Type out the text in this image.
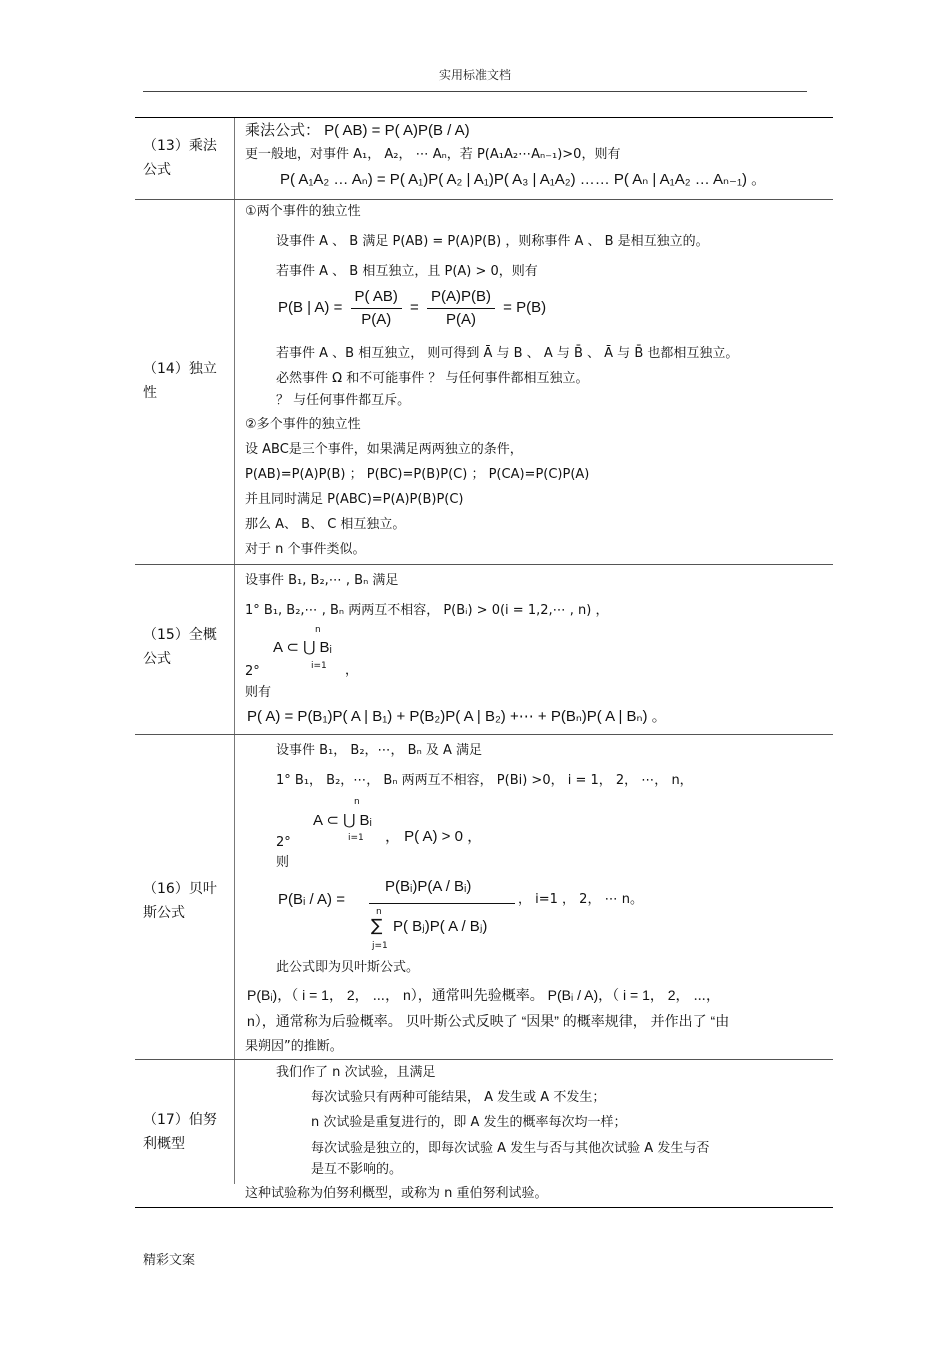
实用标准文档
（13）乘法公式
乘法公式： P( AB) = P( A)P(B / A)
更一般地，对事件 A₁， A₂， ⋯ Aₙ，若 P(A₁A₂⋯Aₙ₋₁)>0，则有
P( A₁A₂ … Aₙ) = P( A₁)P( A₂ | A₁)P( A₃ | A₁A₂) …… P( Aₙ | A₁A₂ … Aₙ₋₁) 。
（14）独立性
①两个事件的独立性
设事件 A 、 B 满足 P(AB) = P(A)P(B) ，则称事件 A 、 B 是相互独立的。
若事件 A 、 B 相互独立，且 P(A) > 0，则有
P(B | $A) = \frac{P( AB)}{P(A)} = \frac{P(A)P(B)}{P(A)} = P(B)$
若事件 A 、B 相互独立， 则可得到 Ā 与 B 、 A 与 B̄ 、 Ā 与 B̄ 也都相互独立。
必然事件 Ω 和不可能事件 ？ 与任何事件都相互独立。
？ 与任何事件都互斥。
②多个事件的独立性
设 ABC是三个事件，如果满足两两独立的条件，
P(AB)=P(A)P(B) ； P(BC)=P(B)P(C) ； P(CA)=P(C)P(A)
并且同时满足 P(ABC)=P(A)P(B)P(C)
那么 A、 B、 C 相互独立。
对于 n 个事件类似。
（15）全概公式
设事件 B₁, B₂,⋯ , Bₙ 满足
1° B₁, B₂,⋯ , Bₙ 两两互不相容， P(Bᵢ) > 0(i = 1,2,⋯ , n) ，
n
A ⊂ ⋃ Bᵢ
i=1 ，
2°
则有
P( A) = P(B₁)P( A | B₁) + P(B₂)P( A | B₂) +⋯ + P(Bₙ)P( A | Bₙ) 。
（16）贝叶斯公式
设事件 B₁， B₂，⋯， Bₙ 及 A 满足
1° B₁， B₂，⋯， Bₙ 两两互不相容， P(Bi) >0， i = 1， 2， ⋯， n，
n
A ⊂ ⋃ Bᵢ
i=1 ， P( A) > 0 ，
2°
则
P(Bᵢ / A) =
P(Bᵢ)P(A / Bᵢ)
n
∑ P( Bⱼ)P( A / Bⱼ)
j=1
， i=1 ， 2， ⋯ n。
此公式即为贝叶斯公式。
P(Bᵢ)，（ i = 1， 2， ⋯， n），通常叫先验概率。 P(Bᵢ / A)，（ i = 1， 2， ⋯，
n），通常称为后验概率。 贝叶斯公式反映了 “因果” 的概率规律， 并作出了 “由
果朔因”的推断。
（17）伯努利概型
我们作了 n 次试验，且满足
每次试验只有两种可能结果， A 发生或 A 不发生；
n 次试验是重复进行的，即 A 发生的概率每次均一样；
每次试验是独立的，即每次试验 A 发生与否与其他次试验 A 发生与否
是互不影响的。
这种试验称为伯努利概型，或称为 n 重伯努利试验。
精彩文案
